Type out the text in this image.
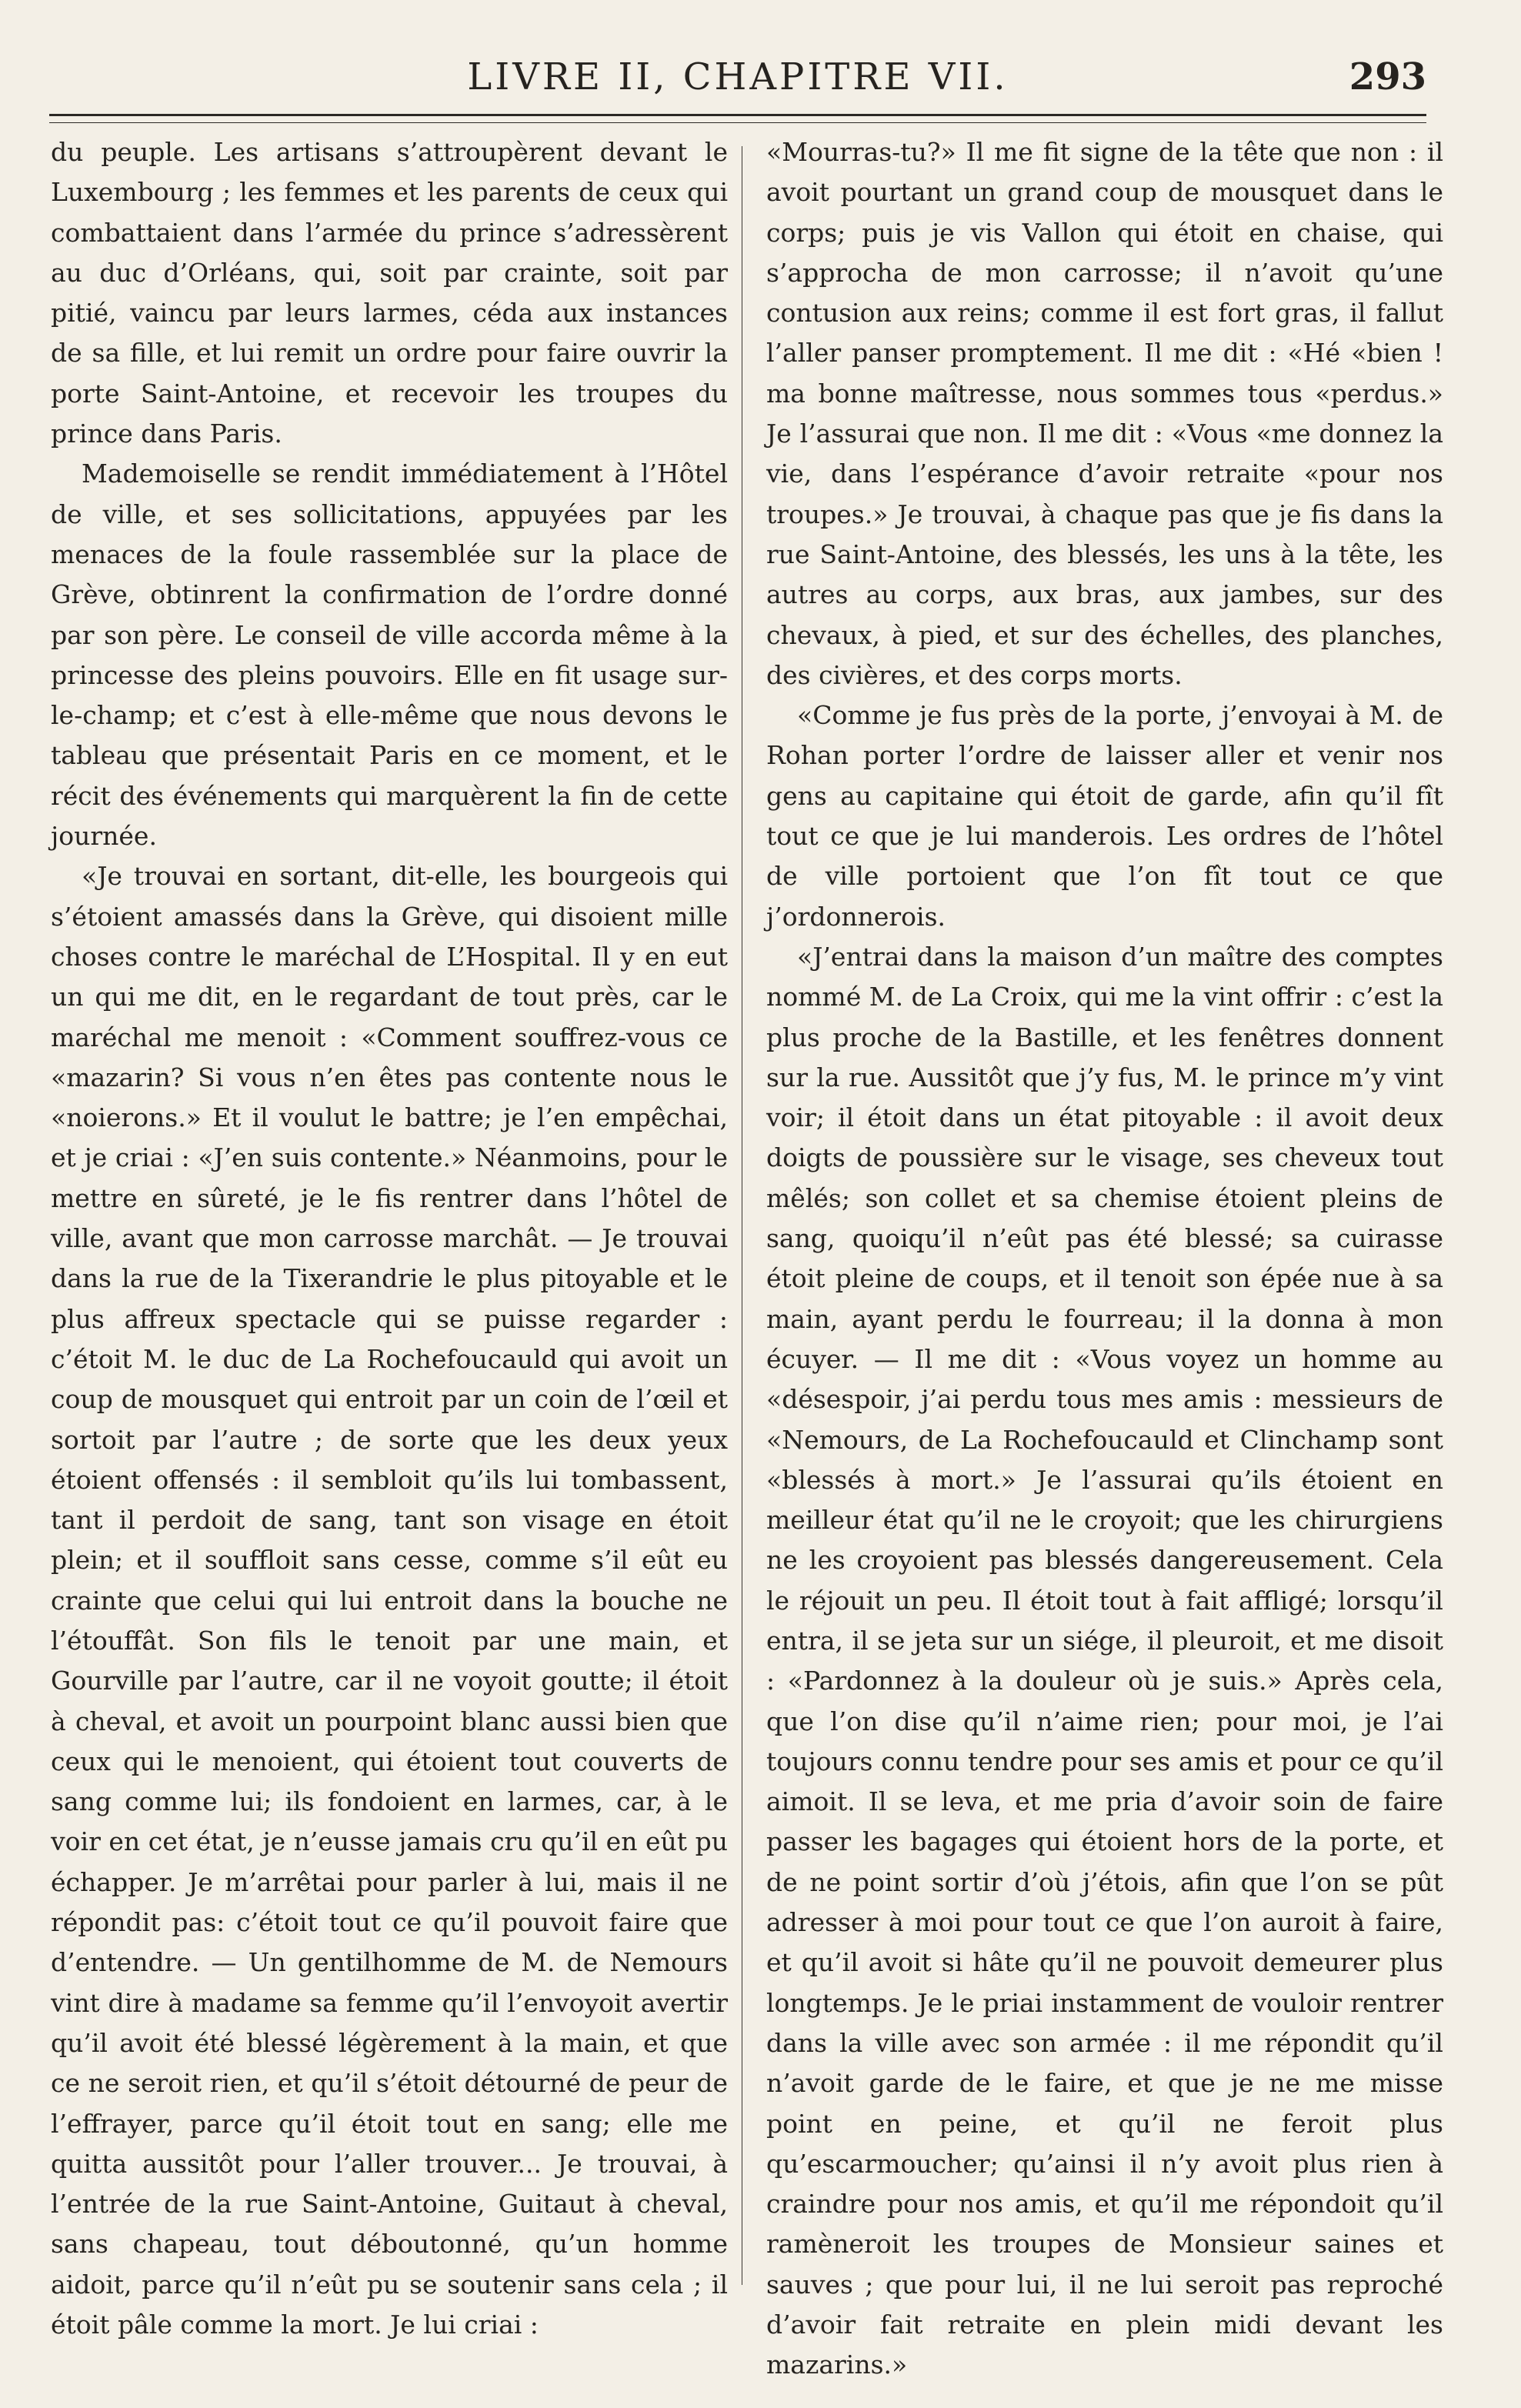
LIVRE II, CHAPITRE VII.	293

du peuple. Les artisans s’attroupèrent devant le Luxembourg ; les femmes et les parents de ceux qui combattaient dans l’armée du prince s’adressèrent au duc d’Orléans, qui, soit par crainte, soit par pitié, vaincu par leurs larmes, céda aux instances de sa fille, et lui remit un ordre pour faire ouvrir la porte Saint-Antoine, et recevoir les troupes du prince dans Paris.

Mademoiselle se rendit immédiatement à l’Hôtel de ville, et ses sollicitations, appuyées par les menaces de la foule rassemblée sur la place de Grève, obtinrent la confirmation de l’ordre donné par son père. Le conseil de ville accorda même à la princesse des pleins pouvoirs. Elle en fit usage sur-le-champ; et c’est à elle-même que nous devons le tableau que présentait Paris en ce moment, et le récit des événements qui marquèrent la fin de cette journée.

«Je trouvai en sortant, dit-elle, les bourgeois qui s’étoient amassés dans la Grève, qui disoient mille choses contre le maréchal de L’Hospital. Il y en eut un qui me dit, en le regardant de tout près, car le maréchal me menoit : «Comment souffrez-vous ce «mazarin? Si vous n’en êtes pas contente nous le «noierons.» Et il voulut le battre; je l’en empêchai, et je criai : «J’en suis contente.» Néanmoins, pour le mettre en sûreté, je le fis rentrer dans l’hôtel de ville, avant que mon carrosse marchât. — Je trouvai dans la rue de la Tixerandrie le plus pitoyable et le plus affreux spectacle qui se puisse regarder : c’étoit M. le duc de La Rochefoucauld qui avoit un coup de mousquet qui entroit par un coin de l’œil et sortoit par l’autre ; de sorte que les deux yeux étoient offensés : il sembloit qu’ils lui tombassent, tant il perdoit de sang, tant son visage en étoit plein; et il souffloit sans cesse, comme s’il eût eu crainte que celui qui lui entroit dans la bouche ne l’étouffât. Son fils le tenoit par une main, et Gourville par l’autre, car il ne voyoit goutte; il étoit à cheval, et avoit un pourpoint blanc aussi bien que ceux qui le menoient, qui étoient tout couverts de sang comme lui; ils fondoient en larmes, car, à le voir en cet état, je n’eusse jamais cru qu’il en eût pu échapper. Je m’arrêtai pour parler à lui, mais il ne répondit pas: c’étoit tout ce qu’il pouvoit faire que d’entendre. — Un gentilhomme de M. de Nemours vint dire à madame sa femme qu’il l’envoyoit avertir qu’il avoit été blessé légèrement à la main, et que ce ne seroit rien, et qu’il s’étoit détourné de peur de l’effrayer, parce qu’il étoit tout en sang; elle me quitta aussitôt pour l’aller trouver... Je trouvai, à l’entrée de la rue Saint-Antoine, Guitaut à cheval, sans chapeau, tout déboutonné, qu’un homme aidoit, parce qu’il n’eût pu se soutenir sans cela ; il étoit pâle comme la mort. Je lui criai :

«Mourras-tu?» Il me fit signe de la tête que non : il avoit pourtant un grand coup de mousquet dans le corps; puis je vis Vallon qui étoit en chaise, qui s’approcha de mon carrosse; il n’avoit qu’une contusion aux reins; comme il est fort gras, il fallut l’aller panser promptement. Il me dit : «Hé «bien ! ma bonne maîtresse, nous sommes tous «perdus.» Je l’assurai que non. Il me dit : «Vous «me donnez la vie, dans l’espérance d’avoir retraite «pour nos troupes.» Je trouvai, à chaque pas que je fis dans la rue Saint-Antoine, des blessés, les uns à la tête, les autres au corps, aux bras, aux jambes, sur des chevaux, à pied, et sur des échelles, des planches, des civières, et des corps morts.

«Comme je fus près de la porte, j’envoyai à M. de Rohan porter l’ordre de laisser aller et venir nos gens au capitaine qui étoit de garde, afin qu’il fît tout ce que je lui manderois. Les ordres de l’hôtel de ville portoient que l’on fît tout ce que j’ordonnerois.

«J’entrai dans la maison d’un maître des comptes nommé M. de La Croix, qui me la vint offrir : c’est la plus proche de la Bastille, et les fenêtres donnent sur la rue. Aussitôt que j’y fus, M. le prince m’y vint voir; il étoit dans un état pitoyable : il avoit deux doigts de poussière sur le visage, ses cheveux tout mêlés; son collet et sa chemise étoient pleins de sang, quoiqu’il n’eût pas été blessé; sa cuirasse étoit pleine de coups, et il tenoit son épée nue à sa main, ayant perdu le fourreau; il la donna à mon écuyer. — Il me dit : «Vous voyez un homme au «désespoir, j’ai perdu tous mes amis : messieurs de «Nemours, de La Rochefoucauld et Clinchamp sont «blessés à mort.» Je l’assurai qu’ils étoient en meilleur état qu’il ne le croyoit; que les chirurgiens ne les croyoient pas blessés dangereusement. Cela le réjouit un peu. Il étoit tout à fait affligé; lorsqu’il entra, il se jeta sur un siége, il pleuroit, et me disoit : «Pardonnez à la douleur où je suis.» Après cela, que l’on dise qu’il n’aime rien; pour moi, je l’ai toujours connu tendre pour ses amis et pour ce qu’il aimoit. Il se leva, et me pria d’avoir soin de faire passer les bagages qui étoient hors de la porte, et de ne point sortir d’où j’étois, afin que l’on se pût adresser à moi pour tout ce que l’on auroit à faire, et qu’il avoit si hâte qu’il ne pouvoit demeurer plus longtemps. Je le priai instamment de vouloir rentrer dans la ville avec son armée : il me répondit qu’il n’avoit garde de le faire, et que je ne me misse point en peine, et qu’il ne feroit plus qu’escarmoucher; qu’ainsi il n’y avoit plus rien à craindre pour nos amis, et qu’il me répondoit qu’il ramèneroit les troupes de Monsieur saines et sauves ; que pour lui, il ne lui seroit pas reproché d’avoir fait retraite en plein midi devant les mazarins.»
